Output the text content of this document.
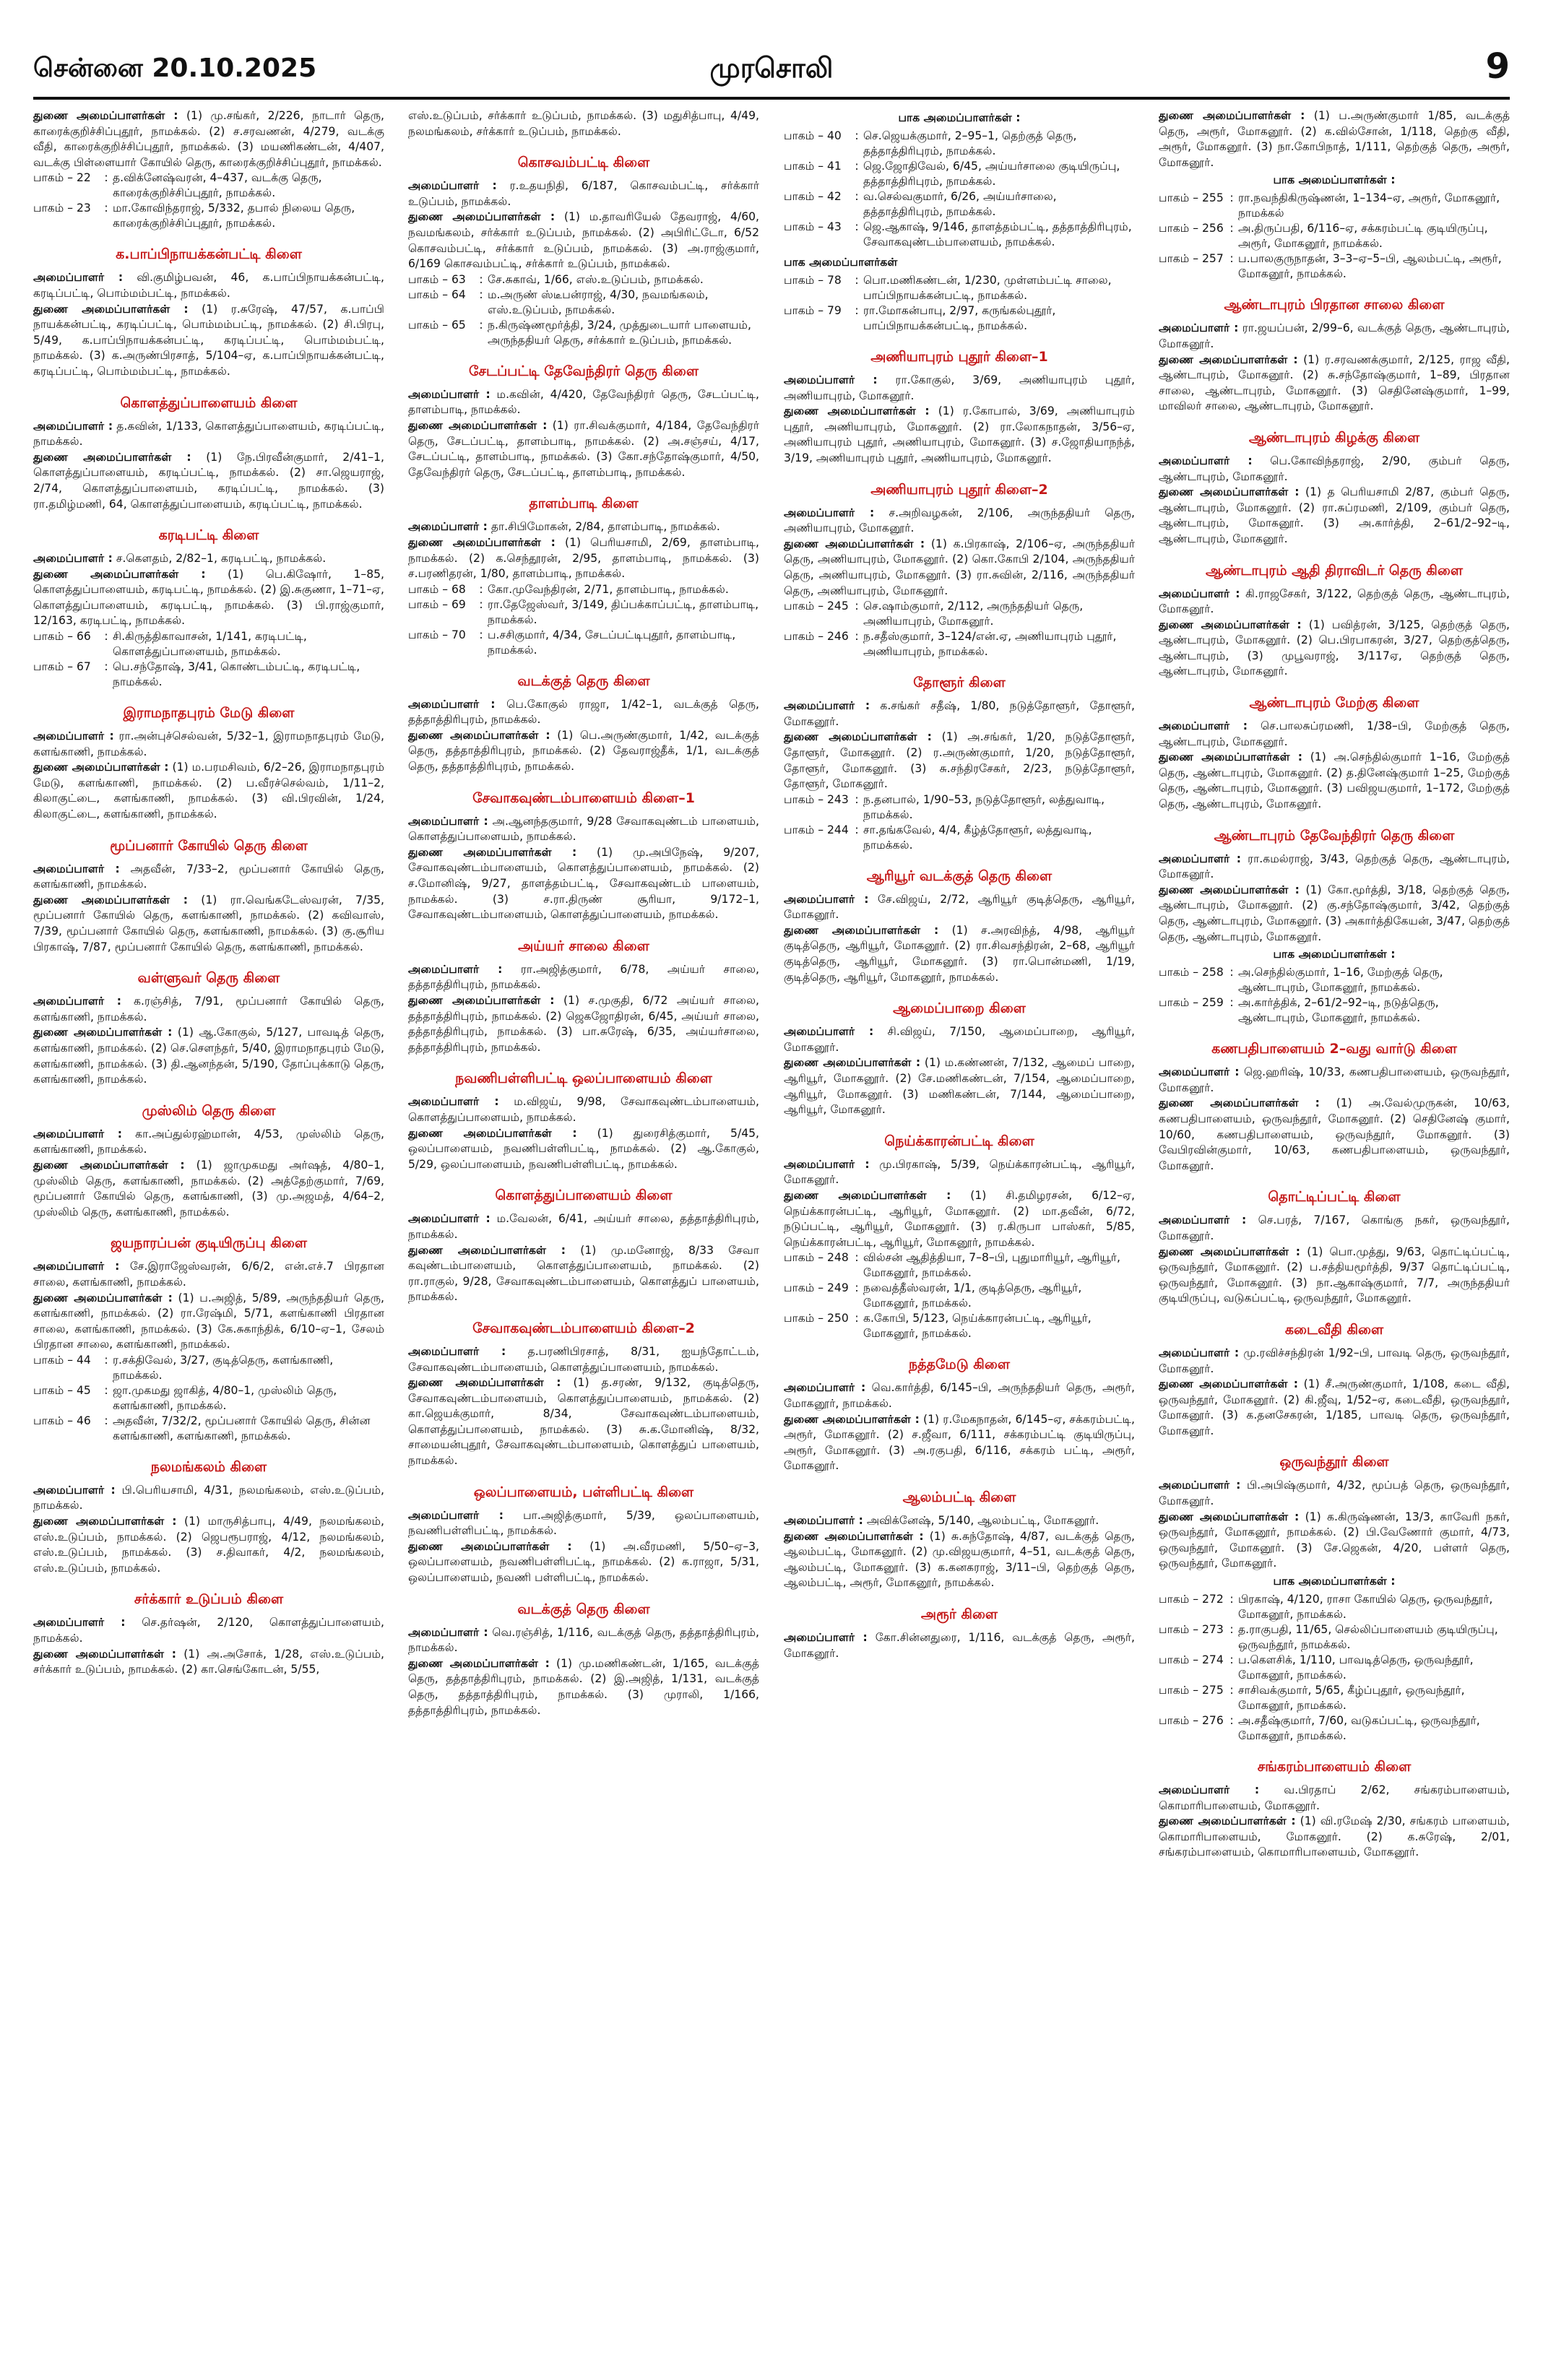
சென்னை 20.10.2025	முரசொலி	9

துணை அமைப்பாளர்கள் : (1) மு.சங்கர், 2/226, நாடார் தெரு, காரைக்குறிச்சிப்புதூர், நாமக்கல். (2) ச.சரவணன், 4/279, வடக்கு வீதி, காரைக்குறிச்சிப்புதூர், நாமக்கல். (3) மயணிகண்டன், 4/407, வடக்கு பிள்ளையார் கோயில் தெரு, காரைக்குறிச்சிப்புதூர், நாமக்கல்.

பாகம் – 22	:	த.விக்னேஷ்வரன், 4–437, வடக்கு தெரு, காரைக்குறிச்சிப்புதூர், நாமக்கல்.
பாகம் – 23	:	மா.கோவிந்தராஜ், 5/332, தபால் நிலைய தெரு, காரைக்குறிச்சிப்புதூர், நாமக்கல்.
க.பாப்பிநாயக்கன்பட்டி கிளை

அமைப்பாளர் : வி.குமிழ்பவன், 46, க.பாப்பிநாயக்கன்பட்டி, கரடிப்பட்டி, பொம்மம்பட்டி, நாமக்கல்.

துணை அமைப்பாளர்கள் : (1) ர.சுரேஷ், 47/57, க.பாப்பி நாயக்கன்பட்டி, கரடிப்பட்டி, பொம்மம்பட்டி, நாமக்கல். (2) சி.பிரபு, 5/49, க.பாப்பிநாயக்கன்பட்டி, கரடிப்பட்டி, பொம்மம்பட்டி, நாமக்கல். (3) க.அருண்பிரசாத், 5/104–ஏ, க.பாப்பிநாயக்கன்பட்டி, கரடிப்பட்டி, பொம்மம்பட்டி, நாமக்கல்.

கொளத்துப்பாளையம் கிளை

அமைப்பாளர் : த.கவின், 1/133, கொளத்துப்பாளையம், கரடிப்பட்டி, நாமக்கல்.

துணை அமைப்பாளர்கள் : (1) நே.பிரவீன்குமார், 2/41–1, கொளத்துப்பாளையம், கரடிப்பட்டி, நாமக்கல். (2) சா.ஜெயராஜ், 2/74, கொளத்துப்பாளையம், கரடிப்பட்டி, நாமக்கல். (3) ரா.தமிழ்மணி, 64, கொளத்துப்பாளையம், கரடிப்பட்டி, நாமக்கல்.

கரடிபட்டி கிளை

அமைப்பாளர் : ச.கௌதம், 2/82–1, கரடிபட்டி, நாமக்கல்.

துணை அமைப்பாளர்கள் : (1) பெ.கிஷோர், 1–85, கொளத்துப்பாளையம், கரடிபட்டி, நாமக்கல். (2) இ.சுகுணா, 1–71–ஏ, கொளத்துப்பாளையம், கரடிபட்டி, நாமக்கல். (3) பி.ராஜ்குமார், 12/163, கரடிபட்டி, நாமக்கல்.

பாகம் – 66	:	சி.கிருத்திகாவாசன், 1/141, கரடிபட்டி, கொளத்துப்பாளையம், நாமக்கல்.
பாகம் – 67	:	பெ.சந்தோஷ், 3/41, கொண்டம்பட்டி, கரடிபட்டி, நாமக்கல்.
இராமநாதபுரம் மேடு கிளை

அமைப்பாளர் : ரா.அன்புச்செல்வன், 5/32–1, இராமநாதபுரம் மேடு, களங்காணி, நாமக்கல்.

துணை அமைப்பாளர்கள் : (1) ம.பரமசிவம், 6/2–26, இராமநாதபுரம் மேடு, களங்காணி, நாமக்கல். (2) ப.வீரச்செல்வம், 1/11–2, கிலாகுட்டை, களங்காணி, நாமக்கல். (3) வி.பிரவின், 1/24, கிலாகுட்டை, களங்காணி, நாமக்கல்.

மூப்பனார் கோயில் தெரு கிளை

அமைப்பாளர் : அதவீன், 7/33–2, மூப்பனார் கோயில் தெரு, களங்காணி, நாமக்கல்.

துணை அமைப்பாளர்கள் : (1) ரா.வெங்கடேஸ்வரன், 7/35, மூப்பனார் கோயில் தெரு, களங்காணி, நாமக்கல். (2) கவிவாஸ், 7/39, மூப்பனார் கோயில் தெரு, களங்காணி, நாமக்கல். (3) கு.சூரிய பிரகாஷ், 7/87, மூப்பனார் கோயில் தெரு, களங்காணி, நாமக்கல்.

வள்ளுவர் தெரு கிளை

அமைப்பாளர் : க.ரஞ்சித், 7/91, மூப்பனார் கோயில் தெரு, களங்காணி, நாமக்கல்.

துணை அமைப்பாளர்கள் : (1) ஆ.கோகுல், 5/127, பாவடித் தெரு, களங்காணி, நாமக்கல். (2) செ.சௌந்தர், 5/40, இராமநாதபுரம் மேடு, களங்காணி, நாமக்கல். (3) தி.ஆனந்தன், 5/190, தோப்புக்காடு தெரு, களங்காணி, நாமக்கல்.

முஸ்லிம் தெரு கிளை

அமைப்பாளர் : கா.அப்துல்ரஹ்மான், 4/53, முஸ்லிம் தெரு, களங்காணி, நாமக்கல்.

துணை அமைப்பாளர்கள் : (1) ஜாமுகமது அர்ஷத், 4/80–1, முஸ்லிம் தெரு, களங்காணி, நாமக்கல். (2) அத்தேற்குமார், 7/69, மூப்பனார் கோயில் தெரு, களங்காணி, (3) மு.அஜமத், 4/64–2, முஸ்லிம் தெரு, களங்காணி, நாமக்கல்.

ஜயநாரப்பன் குடியிருப்பு கிளை

அமைப்பாளர் : சே.இராஜேஸ்வரன், 6/6/2, என்.எச்.7 பிரதான சாலை, களங்காணி, நாமக்கல்.

துணை அமைப்பாளர்கள் : (1) ப.அஜித், 5/89, அருந்ததியர் தெரு, களங்காணி, நாமக்கல். (2) ரா.ரேஷ்மி, 5/71, களங்காணி பிரதான சாலை, களங்காணி, நாமக்கல். (3) கே.சுகாந்திக், 6/10–ஏ–1, சேலம் பிரதான சாலை, களங்காணி, நாமக்கல்.

பாகம் – 44	:	ர.சக்திவேல், 3/27, குடித்தெரு, களங்காணி, நாமக்கல்.
பாகம் – 45	:	ஜா.முகமது ஜாகித், 4/80–1, முஸ்லிம் தெரு, களங்காணி, நாமக்கல்.
பாகம் – 46	:	அதவீன், 7/32/2, மூப்பனார் கோயில் தெரு, சின்ன களங்காணி, களங்காணி, நாமக்கல்.
நலமங்கலம் கிளை

அமைப்பாளர் : பி.பெரியசாமி, 4/31, நலமங்கலம், எஸ்.உடுப்பம், நாமக்கல்.

துணை அமைப்பாளர்கள் : (1) மாருசித்பாபு, 4/49, நலமங்கலம், எஸ்.உடுப்பம், நாமக்கல். (2) ஜெபரூபராஜ், 4/12, நலமங்கலம், எஸ்.உடுப்பம், நாமக்கல். (3) ச.திவாகர், 4/2, நலமங்கலம், எஸ்.உடுப்பம், நாமக்கல்.

சர்க்கார் உடுப்பம் கிளை

அமைப்பாளர் : செ.தர்ஷன், 2/120, கொளத்துப்பாளையம், நாமக்கல்.

துணை அமைப்பாளர்கள் : (1) அ.அசோக், 1/28, எஸ்.உடுப்பம், சர்க்கார் உடுப்பம், நாமக்கல். (2) கா.செங்கோடன், 5/55,

எஸ்.உடுப்பம், சர்க்கார் உடுப்பம், நாமக்கல். (3) மதுசித்பாபு, 4/49, நலமங்கலம், சர்க்கார் உடுப்பம், நாமக்கல்.

கொசவம்பட்டி கிளை

அமைப்பாளர் : ர.உதயநிதி, 6/187, கொசவம்பட்டி, சர்க்கார் உடுப்பம், நாமக்கல்.

துணை அமைப்பாளர்கள் : (1) ம.தாவரியேல் தேவராஜ், 4/60, நவமங்கலம், சர்க்கார் உடுப்பம், நாமக்கல். (2) அபிரிட்டோ, 6/52 கொசவம்பட்டி, சர்க்கார் உடுப்பம், நாமக்கல். (3) அ.ராஜ்குமார், 6/169 கொசவம்பட்டி, சர்க்கார் உடுப்பம், நாமக்கல்.

பாகம் – 63	:	சே.சுகாவ், 1/66, எஸ்.உடுப்பம், நாமக்கல்.
பாகம் – 64	:	ம.அருண் ஸ்டீபன்ராஜ், 4/30, நவமங்கலம், எஸ்.உடுப்பம், நாமக்கல்.
பாகம் – 65	:	ந.கிருஷ்ணமூர்த்தி, 3/24, முத்துடையார் பாளையம், அருந்ததியர் தெரு, சர்க்கார் உடுப்பம், நாமக்கல்.
சேடப்பட்டி தேவேந்திரர் தெரு கிளை

அமைப்பாளர் : ம.கவின், 4/420, தேவேந்திரர் தெரு, சேடப்பட்டி, தாளம்பாடி, நாமக்கல்.

துணை அமைப்பாளர்கள் : (1) ரா.சிவக்குமார், 4/184, தேவேந்திரர் தெரு, சேடப்பட்டி, தாளம்பாடி, நாமக்கல். (2) அ.சஞ்சய், 4/17, சேடப்பட்டி, தாளம்பாடி, நாமக்கல். (3) கோ.சந்தோஷ்குமார், 4/50, தேவேந்திரர் தெரு, சேடப்பட்டி, தாளம்பாடி, நாமக்கல்.

தாளம்பாடி கிளை

அமைப்பாளர் : தா.சிபிமோகன், 2/84, தாளம்பாடி, நாமக்கல்.

துணை அமைப்பாளர்கள் : (1) பெரியசாமி, 2/69, தாளம்பாடி, நாமக்கல். (2) க.செந்தூரன், 2/95, தாளம்பாடி, நாமக்கல். (3) ச.பரணிதரன், 1/80, தாளம்பாடி, நாமக்கல்.

பாகம் – 68	:	கோ.முவேந்திரன், 2/71, தாளம்பாடி, நாமக்கல்.
பாகம் – 69	:	ரா.தேஜேஸ்வர், 3/149, திப்பக்காப்பட்டி, தாளம்பாடி, நாமக்கல்.
பாகம் – 70	:	ப.சசிகுமார், 4/34, சேடப்பட்டிபுதூர், தாளம்பாடி, நாமக்கல்.
வடக்குத் தெரு கிளை

அமைப்பாளர் : பெ.கோகுல் ராஜா, 1/42–1, வடக்குத் தெரு, தத்தாத்திரிபுரம், நாமக்கல்.

துணை அமைப்பாளர்கள் : (1) பெ.அருண்குமார், 1/42, வடக்குத் தெரு, தத்தாத்திரிபுரம், நாமக்கல். (2) தேவராஜ்தீக், 1/1, வடக்குத் தெரு, தத்தாத்திரிபுரம், நாமக்கல்.

சேவாகவுண்டம்பாளையம் கிளை–1

அமைப்பாளர் : அ.ஆனந்தகுமார், 9/28 சேவாகவுண்டம் பாளையம், கொளத்துப்பாளையம், நாமக்கல்.

துணை அமைப்பாளர்கள் : (1) மு.அபிநேஷ், 9/207, சேவாகவுண்டம்பாளையம், கொளத்துப்பாளையம், நாமக்கல். (2) ச.மோனிஷ், 9/27, தாளத்தம்பட்டி, சேவாகவுண்டம் பாளையம், நாமக்கல். (3) ச.ரா.திருண் சூரியா, 9/172–1, சேவாகவுண்டம்பாளையம், கொளத்துப்பாளையம், நாமக்கல்.

அய்யர் சாலை கிளை

அமைப்பாளர் : ரா.அஜித்குமார், 6/78, அய்யர் சாலை, தத்தாத்திரிபுரம், நாமக்கல்.

துணை அமைப்பாளர்கள் : (1) ச.முகுதி, 6/72 அய்யர் சாலை, தத்தாத்திரிபுரம், நாமக்கல். (2) ஜெகஜோதிரன், 6/45, அய்யர் சாலை, தத்தாத்திரிபுரம், நாமக்கல். (3) பா.சுரேஷ், 6/35, அய்யர்சாலை, தத்தாத்திரிபுரம், நாமக்கல்.

நவணிபள்ளிபட்டி ஒலப்பாளையம் கிளை

அமைப்பாளர் : ம.விஜய், 9/98, சேவாகவுண்டம்பாளையம், கொளத்துப்பாளையம், நாமக்கல்.

துணை அமைப்பாளர்கள் : (1) துரைசித்குமார், 5/45, ஒலப்பாளையம், நவணிபள்ளிபட்டி, நாமக்கல். (2) ஆ.கோகுல், 5/29, ஒலப்பாளையம், நவணிபள்ளிபட்டி, நாமக்கல்.

கொளத்துப்பாளையம் கிளை

அமைப்பாளர் : ம.வேலன், 6/41, அய்யர் சாலை, தத்தாத்திரிபுரம், நாமக்கல்.

துணை அமைப்பாளர்கள் : (1) மு.மனோஜ், 8/33 சேவா கவுண்டம்பாளையம், கொளத்துப்பாளையம், நாமக்கல். (2) ரா.ராகுல், 9/28, சேவாகவுண்டம்பாளையம், கொளத்துப் பாளையம், நாமக்கல்.

சேவாகவுண்டம்பாளையம் கிளை–2

அமைப்பாளர் : த.பரணிபிரசாத், 8/31, ஐயந்தோட்டம், சேவாகவுண்டம்பாளையம், கொளத்துப்பாளையம், நாமக்கல்.

துணை அமைப்பாளர்கள் : (1) த.சரண், 9/132, குடித்தெரு, சேவாகவுண்டம்பாளையம், கொளத்துப்பாளையம், நாமக்கல். (2) கா.ஜெயக்குமார், 8/34, சேவாகவுண்டம்பாளையம், கொளத்துப்பாளையம், நாமக்கல். (3) சு.க.மோனிஷ், 8/32, சாமையன்புதூர், சேவாகவுண்டம்பாளையம், கொளத்துப் பாளையம், நாமக்கல்.

ஒலப்பாளையம், பள்ளிபட்டி கிளை

அமைப்பாளர் : பா.அஜித்குமார், 5/39, ஒலப்பாளையம், நவணிபள்ளிபட்டி, நாமக்கல்.

துணை அமைப்பாளர்கள் : (1) அ.வீரமணி, 5/50–ஏ–3, ஒலப்பாளையம், நவணிபள்ளிபட்டி, நாமக்கல். (2) க.ராஜா, 5/31, ஒலப்பாளையம், நவணி பள்ளிபட்டி, நாமக்கல்.

வடக்குத் தெரு கிளை

அமைப்பாளர் : வெ.ரஞ்சித், 1/116, வடக்குத் தெரு, தத்தாத்திரிபுரம், நாமக்கல்.

துணை அமைப்பாளர்கள் : (1) மு.மணிகண்டன், 1/165, வடக்குத் தெரு, தத்தாத்திரிபுரம், நாமக்கல். (2) இ.அஜித், 1/131, வடக்குத் தெரு, தத்தாத்திரிபுரம், நாமக்கல். (3) முராலி, 1/166, தத்தாத்திரிபுரம், நாமக்கல்.

பாக அமைப்பாளர்கள் :
பாகம் – 40	:	செ.ஜெயக்குமார், 2–95–1, தெற்குத் தெரு, தத்தாத்திரிபுரம், நாமக்கல்.
பாகம் – 41	:	ஜெ.ஜோதிவேல், 6/45, அய்யர்சாலை குடியிருப்பு, தத்தாத்திரிபுரம், நாமக்கல்.
பாகம் – 42	:	வ.செல்வகுமார், 6/26, அய்யர்சாலை, தத்தாத்திரிபுரம், நாமக்கல்.
பாகம் – 43	:	ஜெ.ஆகாஷ், 9/146, தாளத்தம்பட்டி, தத்தாத்திரிபுரம், சேவாகவுண்டம்பாளையம், நாமக்கல்.
பாக அமைப்பாளர்கள்
பாகம் – 78	:	பொ.மணிகண்டன், 1/230, முள்ளம்பட்டி சாலை, பாப்பிநாயக்கன்பட்டி, நாமக்கல்.
பாகம் – 79	:	ரா.மோகன்பாபு, 2/97, கருங்கல்புதூர், பாப்பிநாயக்கன்பட்டி, நாமக்கல்.
அணியாபுரம் புதூர் கிளை–1

அமைப்பாளர் : ரா.கோகுல், 3/69, அணியாபுரம் புதூர், அணியாபுரம், மோகனூர்.

துணை அமைப்பாளர்கள் : (1) ர.கோபால், 3/69, அணியாபுரம் புதூர், அணியாபுரம், மோகனூர். (2) ரா.லோகநாதன், 3/56–ஏ, அணியாபுரம் புதூர், அணியாபுரம், மோகனூர். (3) ச.ஜோதியாநந்த், 3/19, அணியாபுரம் புதூர், அணியாபுரம், மோகனூர்.

அணியாபுரம் புதூர் கிளை–2

அமைப்பாளர் : ச.அறிவழகன், 2/106, அருந்ததியர் தெரு, அணியாபுரம், மோகனூர்.

துணை அமைப்பாளர்கள் : (1) க.பிரகாஷ், 2/106–ஏ, அருந்ததியர் தெரு, அணியாபுரம், மோகனூர். (2) கொ.கோபி 2/104, அருந்ததியர் தெரு, அணியாபுரம், மோகனூர். (3) ரா.சுவின், 2/116, அருந்ததியர் தெரு, அணியாபுரம், மோகனூர்.

பாகம் – 245	:	செ.ஷாம்குமார், 2/112, அருந்ததியர் தெரு, அணியாபுரம், மோகனூர்.
பாகம் – 246	:	ந.சதீஸ்குமார், 3–124/என்.ஏ, அணியாபுரம் புதூர், அணியாபுரம், நாமக்கல்.
தோளூர் கிளை

அமைப்பாளர் : க.சங்கர் சதீஷ், 1/80, நடுத்தோளூர், தோளூர், மோகனூர்.

துணை அமைப்பாளர்கள் : (1) அ.சங்கர், 1/20, நடுத்தோளூர், தோளூர், மோகனூர். (2) ர.அருண்குமார், 1/20, நடுத்தோளூர், தோளூர், மோகனூர். (3) சு.சந்திரசேகர், 2/23, நடுத்தோளூர், தோளூர், மோகனூர்.

பாகம் – 243	:	ந.தனபால், 1/90–53, நடுத்தோளூர், லத்துவாடி, நாமக்கல்.
பாகம் – 244	:	சா.தங்கவேல், 4/4, கீழ்த்தோளூர், லத்துவாடி, நாமக்கல்.
ஆரியூர் வடக்குத் தெரு கிளை

அமைப்பாளர் : சே.விஜய், 2/72, ஆரியூர் குடித்தெரு, ஆரியூர், மோகனூர்.

துணை அமைப்பாளர்கள் : (1) ச.அரவிந்த், 4/98, ஆரியூர் குடித்தெரு, ஆரியூர், மோகனூர். (2) ரா.சிவசந்திரன், 2–68, ஆரியூர் குடித்தெரு, ஆரியூர், மோகனூர். (3) ரா.பொன்மணி, 1/19, குடித்தெரு, ஆரியூர், மோகனூர், நாமக்கல்.

ஆமைப்பாறை கிளை

அமைப்பாளர் : சி.விஜய், 7/150, ஆமைப்பாறை, ஆரியூர், மோகனூர்.

துணை அமைப்பாளர்கள் : (1) ம.கண்ணன், 7/132, ஆமைப் பாறை, ஆரியூர், மோகனூர். (2) சே.மணிகண்டன், 7/154, ஆமைப்பாறை, ஆரியூர், மோகனூர். (3) மணிகண்டன், 7/144, ஆமைப்பாறை, ஆரியூர், மோகனூர்.

நெய்க்காரன்பட்டி கிளை

அமைப்பாளர் : மு.பிரகாஷ், 5/39, நெய்க்காரன்பட்டி, ஆரியூர், மோகனூர்.

துணை அமைப்பாளர்கள் : (1) சி.தமிழரசன், 6/12–ஏ, நெய்க்காரன்பட்டி, ஆரியூர், மோகனூர். (2) மா.தவீன், 6/72, நடுப்பட்டி, ஆரியூர், மோகனூர். (3) ர.கிருபா பாஸ்கர், 5/85, நெய்க்காரன்பட்டி, ஆரியூர், மோகனூர், நாமக்கல்.

பாகம் – 248	:	வில்சன் ஆதித்தியா, 7–8–பி, புதுமாரியூர், ஆரியூர், மோகனூர், நாமக்கல்.
பாகம் – 249	:	நவைத்தீஸ்வரன், 1/1, குடித்தெரு, ஆரியூர், மோகனூர், நாமக்கல்.
பாகம் – 250	:	க.கோபி, 5/123, நெய்க்காரன்பட்டி, ஆரியூர், மோகனூர், நாமக்கல்.
நத்தமேடு கிளை

அமைப்பாளர் : வெ.கார்த்தி, 6/145–பி, அருந்ததியர் தெரு, அரூர், மோகனூர், நாமக்கல்.

துணை அமைப்பாளர்கள் : (1) ர.மேகநாதன், 6/145–ஏ, சக்கரம்பட்டி, அரூர், மோகனூர். (2) ச.ஜீவா, 6/111, சக்கரம்பட்டி குடியிருப்பு, அரூர், மோகனூர். (3) அ.ரகுபதி, 6/116, சக்கரம் பட்டி, அரூர், மோகனூர்.

ஆலம்பட்டி கிளை

அமைப்பாளர் : அவிக்னேஷ், 5/140, ஆலம்பட்டி, மோகனூர்.

துணை அமைப்பாளர்கள் : (1) சு.சுந்தோஷ், 4/87, வடக்குத் தெரு, ஆலம்பட்டி, மோகனூர். (2) மு.விஜயகுமார், 4–51, வடக்குத் தெரு, ஆலம்பட்டி, மோகனூர். (3) க.கனகராஜ், 3/11–பி, தெற்குத் தெரு, ஆலம்பட்டி, அரூர், மோகனூர், நாமக்கல்.

அரூர் கிளை

அமைப்பாளர் : கோ.சின்னதுரை, 1/116, வடக்குத் தெரு, அரூர், மோகனூர்.

துணை அமைப்பாளர்கள் : (1) ப.அருண்குமார் 1/85, வடக்குத் தெரு, அரூர், மோகனூர். (2) க.வில்சோன், 1/118, தெற்கு வீதி, அரூர், மோகனூர். (3) நா.கோபிநாத், 1/111, தெற்குத் தெரு, அரூர், மோகனூர்.

பாக அமைப்பாளர்கள் :
பாகம் – 255	:	ரா.நவந்திகிருஷ்ணன், 1–134–ஏ, அரூர், மோகனூர், நாமக்கல்
பாகம் – 256	:	அ.திருப்பதி, 6/116–ஏ, சக்கரம்பட்டி குடியிருப்பு, அரூர், மோகனூர், நாமக்கல்.
பாகம் – 257	:	ப.பாலகுருநாதன், 3–3–ஏ–5–பி, ஆலம்பட்டி, அரூர், மோகனூர், நாமக்கல்.
ஆண்டாபுரம் பிரதான சாலை கிளை

அமைப்பாளர் : ரா.ஜயப்பன், 2/99–6, வடக்குத் தெரு, ஆண்டாபுரம், மோகனூர்.

துணை அமைப்பாளர்கள் : (1) ர.சரவணக்குமார், 2/125, ராஜ வீதி, ஆண்டாபுரம், மோகனூர். (2) சு.சந்தோஷ்குமார், 1–89, பிரதான சாலை, ஆண்டாபுரம், மோகனூர். (3) செதினேஷ்குமார், 1–99, மாவிலர் சாலை, ஆண்டாபுரம், மோகனூர்.

ஆண்டாபுரம் கிழக்கு கிளை

அமைப்பாளர் : பெ.கோவிந்தராஜ், 2/90, கும்பர் தெரு, ஆண்டாபுரம், மோகனூர்.

துணை அமைப்பாளர்கள் : (1) த பெரியசாமி 2/87, கும்பர் தெரு, ஆண்டாபுரம், மோகனூர். (2) ரா.சுப்ரமணி, 2/109, கும்பர் தெரு, ஆண்டாபுரம், மோகனூர். (3) அ.கார்த்தி, 2–61/2–92–டி, ஆண்டாபுரம், மோகனூர்.

ஆண்டாபுரம் ஆதி திராவிடர் தெரு கிளை

அமைப்பாளர் : கி.ராஜசேகர், 3/122, தெற்குத் தெரு, ஆண்டாபுரம், மோகனூர்.

துணை அமைப்பாளர்கள் : (1) பவித்ரன், 3/125, தெற்குத் தெரு, ஆண்டாபுரம், மோகனூர். (2) பெ.பிரபாகரன், 3/27, தெற்குத்தெரு, ஆண்டாபுரம், (3) முபூவராஜ், 3/117ஏ, தெற்குத் தெரு, ஆண்டாபுரம், மோகனூர்.

ஆண்டாபுரம் மேற்கு கிளை

அமைப்பாளர் : செ.பாலசுப்ரமணி, 1/38–பி, மேற்குத் தெரு, ஆண்டாபுரம், மோகனூர்.

துணை அமைப்பாளர்கள் : (1) அ.செந்தில்குமார் 1–16, மேற்குத் தெரு, ஆண்டாபுரம், மோகனூர். (2) த.தினேஷ்குமார் 1–25, மேற்குத் தெரு, ஆண்டாபுரம், மோகனூர். (3) பவிஜயகுமார், 1–172, மேற்குத் தெரு, ஆண்டாபுரம், மோகனூர்.

ஆண்டாபுரம் தேவேந்திரர் தெரு கிளை

அமைப்பாளர் : ரா.கமல்ராஜ், 3/43, தெற்குத் தெரு, ஆண்டாபுரம், மோகனூர்.

துணை அமைப்பாளர்கள் : (1) கோ.மூர்த்தி, 3/18, தெற்குத் தெரு, ஆண்டாபுரம், மோகனூர். (2) கு.சந்தோஷ்குமார், 3/42, தெற்குத் தெரு, ஆண்டாபுரம், மோகனூர். (3) அகார்த்திகேயன், 3/47, தெற்குத் தெரு, ஆண்டாபுரம், மோகனூர்.

பாக அமைப்பாளர்கள் :
பாகம் – 258	:	அ.செந்தில்குமார், 1–16, மேற்குத் தெரு, ஆண்டாபுரம், மோகனூர், நாமக்கல்.
பாகம் – 259	:	அ.கார்த்திக், 2–61/2–92–டி, நடுத்தெரு, ஆண்டாபுரம், மோகனூர், நாமக்கல்.
கணபதிபாளையம் 2–வது வார்டு கிளை

அமைப்பாளர் : ஜெ.ஹரிஷ், 10/33, கணபதிபாளையம், ஒருவந்தூர், மோகனூர்.

துணை அமைப்பாளர்கள் : (1) அ.வேல்முருகன், 10/63, கணபதிபாளையம், ஒருவந்தூர், மோகனூர். (2) செதினேஷ் குமார், 10/60, கணபதிபாளையம், ஒருவந்தூர், மோகனூர். (3) வேபிரவின்குமார், 10/63, கணபதிபாளையம், ஒருவந்தூர், மோகனூர்.

தொட்டிப்பட்டி கிளை

அமைப்பாளர் : செ.பரத், 7/167, கொங்கு நகர், ஒருவந்தூர், மோகனூர்.

துணை அமைப்பாளர்கள் : (1) பொ.முத்து, 9/63, தொட்டிப்பட்டி, ஒருவந்தூர், மோகனூர். (2) ப.சத்தியமூர்த்தி, 9/37 தொட்டிப்பட்டி, ஒருவந்தூர், மோகனூர். (3) நா.ஆகாஷ்குமார், 7/7, அருந்ததியர் குடியிருப்பு, வடுகப்பட்டி, ஒருவந்தூர், மோகனூர்.

கடைவீதி கிளை

அமைப்பாளர் : மு.ரவிச்சந்திரன் 1/92–பி, பாவடி தெரு, ஒருவந்தூர், மோகனூர்.

துணை அமைப்பாளர்கள் : (1) சீ.அருண்குமார், 1/108, கடை வீதி, ஒருவந்தூர், மோகனூர். (2) கி.ஜீவு, 1/52–ஏ, கடைவீதி, ஒருவந்தூர், மோகனூர். (3) க.தனசேகரன், 1/185, பாவடி தெரு, ஒருவந்தூர், மோகனூர்.

ஒருவந்தூர் கிளை

அமைப்பாளர் : பி.அபிஷ்குமார், 4/32, மூப்பத் தெரு, ஒருவந்தூர், மோகனூர்.

துணை அமைப்பாளர்கள் : (1) க.கிருஷ்ணன், 13/3, காவேரி நகர், ஒருவந்தூர், மோகனூர், நாமக்கல். (2) பி.வேணோர் குமார், 4/73, ஒருவந்தூர், மோகனூர். (3) சே.ஜெகன், 4/20, பள்ளர் தெரு, ஒருவந்தூர், மோகனூர்.

பாக அமைப்பாளர்கள் :
பாகம் – 272	:	பிரகாஷ், 4/120, ராசா கோயில் தெரு, ஒருவந்தூர், மோகனூர், நாமக்கல்.
பாகம் – 273	:	த.ராகுபதி, 11/65, செல்லிப்பாளையம் குடியிருப்பு, ஒருவந்தூர், நாமக்கல்.
பாகம் – 274	:	ப.கௌசிக், 1/110, பாவடித்தெரு, ஒருவந்தூர், மோகனூர், நாமக்கல்.
பாகம் – 275	:	சாசிவக்குமார், 5/65, கீழ்ப்புதூர், ஒருவந்தூர், மோகனூர், நாமக்கல்.
பாகம் – 276	:	அ.சதீஷ்குமார், 7/60, வடுகப்பட்டி, ஒருவந்தூர், மோகனூர், நாமக்கல்.
சங்கரம்பாளையம் கிளை

அமைப்பாளர் : வ.பிரதாப் 2/62, சங்கரம்பாளையம், கொமாரிபாளையம், மோகனூர்.

துணை அமைப்பாளர்கள் : (1) வி.ரமேஷ் 2/30, சங்கரம் பாளையம், கொமாரிபாளையம், மோகனூர். (2) க.சுரேஷ், 2/01, சங்கரம்பாளையம், கொமாரிபாளையம், மோகனூர்.
